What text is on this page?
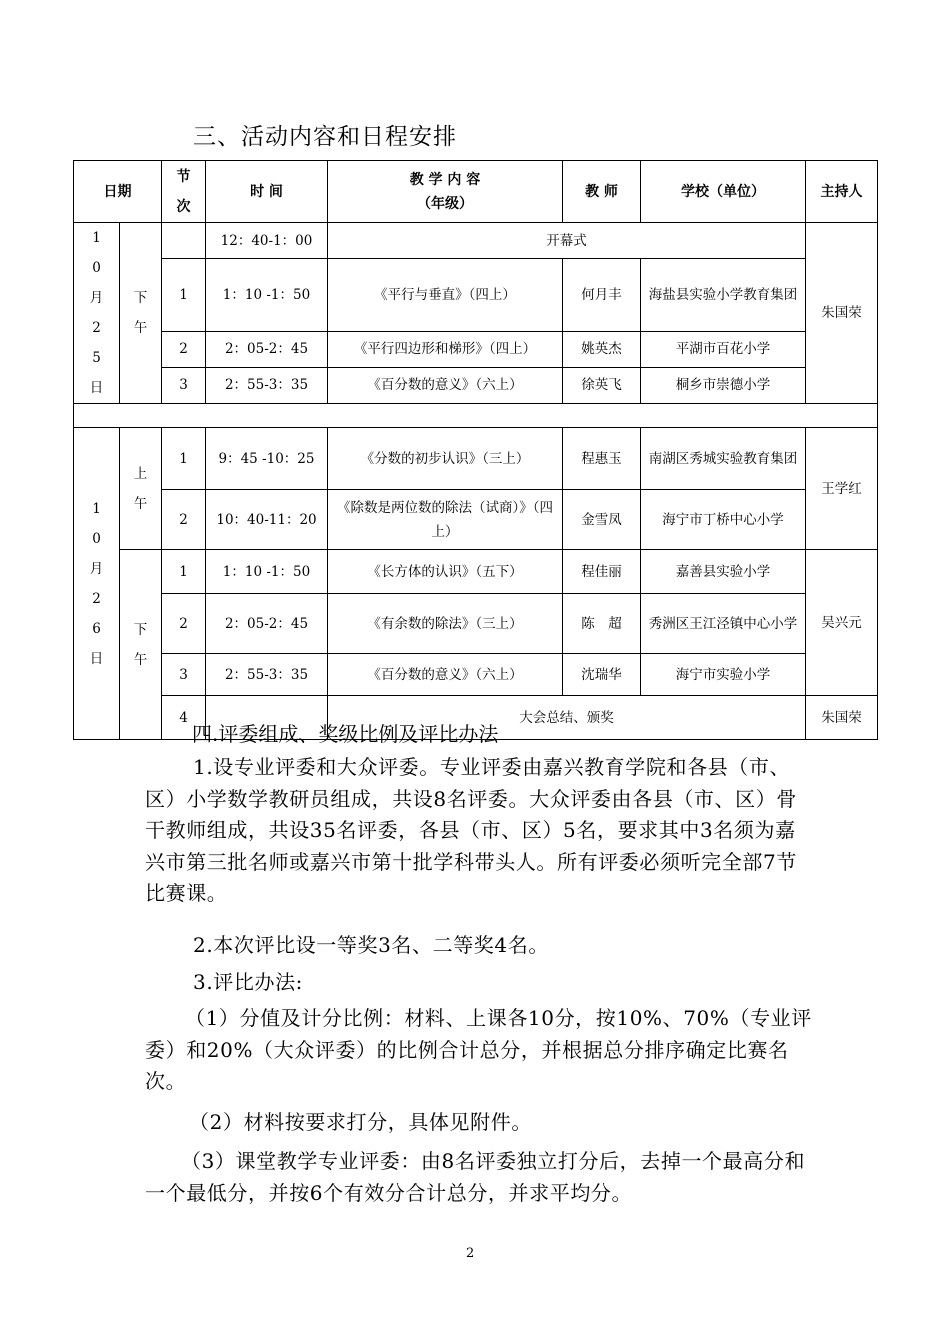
三、活动内容和日程安排
日期		节次	时 间	教 学 内 容
（年级）	教 师	学校（单位）	主持人
10月25日	下午		12：40-1：00	开幕式			朱国荣
		1	1：10 -1：50	《平行与垂直》（四上）	何月丰	海盐县实验小学教育集团	
		2	2：05-2：45	《平行四边形和梯形》（四上）	姚英杰	平湖市百花小学	
		3	2：55-3：35	《百分数的意义》（六上）	徐英飞	桐乡市崇德小学	

10月26日	上午	1	9：45 -10：25	《分数的初步认识》（三上）	程惠玉	南湖区秀城实验教育集团	王学红
		2	10：40-11：20	《除数是两位数的除法（试商）》（四上）	金雪凤	海宁市丁桥中心小学	
	下午	1	1：10 -1：50	《长方体的认识》（五下）	程佳丽	嘉善县实验小学	吴兴元
		2	2：05-2：45	《有余数的除法》（三上）	陈　超	秀洲区王江泾镇中心小学	
		3	2：55-3：35	《百分数的意义》（六上）	沈瑞华	海宁市实验小学	
		4		大会总结、颁奖			朱国荣
四.评委组成、奖级比例及评比办法
1.设专业评委和大众评委。专业评委由嘉兴教育学院和各县（市、区）小学数学教研员组成，共设8名评委。大众评委由各县（市、区）骨干教师组成，共设35名评委，各县（市、区）5名，要求其中3名须为嘉兴市第三批名师或嘉兴市第十批学科带头人。所有评委必须听完全部7节比赛课。
2.本次评比设一等奖3名、二等奖4名。
3.评比办法:
（1）分值及计分比例：材料、上课各10分，按10%、70%（专业评委）和20%（大众评委）的比例合计总分，并根据总分排序确定比赛名次。
（2）材料按要求打分，具体见附件。
（3）课堂教学专业评委：由8名评委独立打分后，去掉一个最高分和一个最低分，并按6个有效分合计总分，并求平均分。
2
